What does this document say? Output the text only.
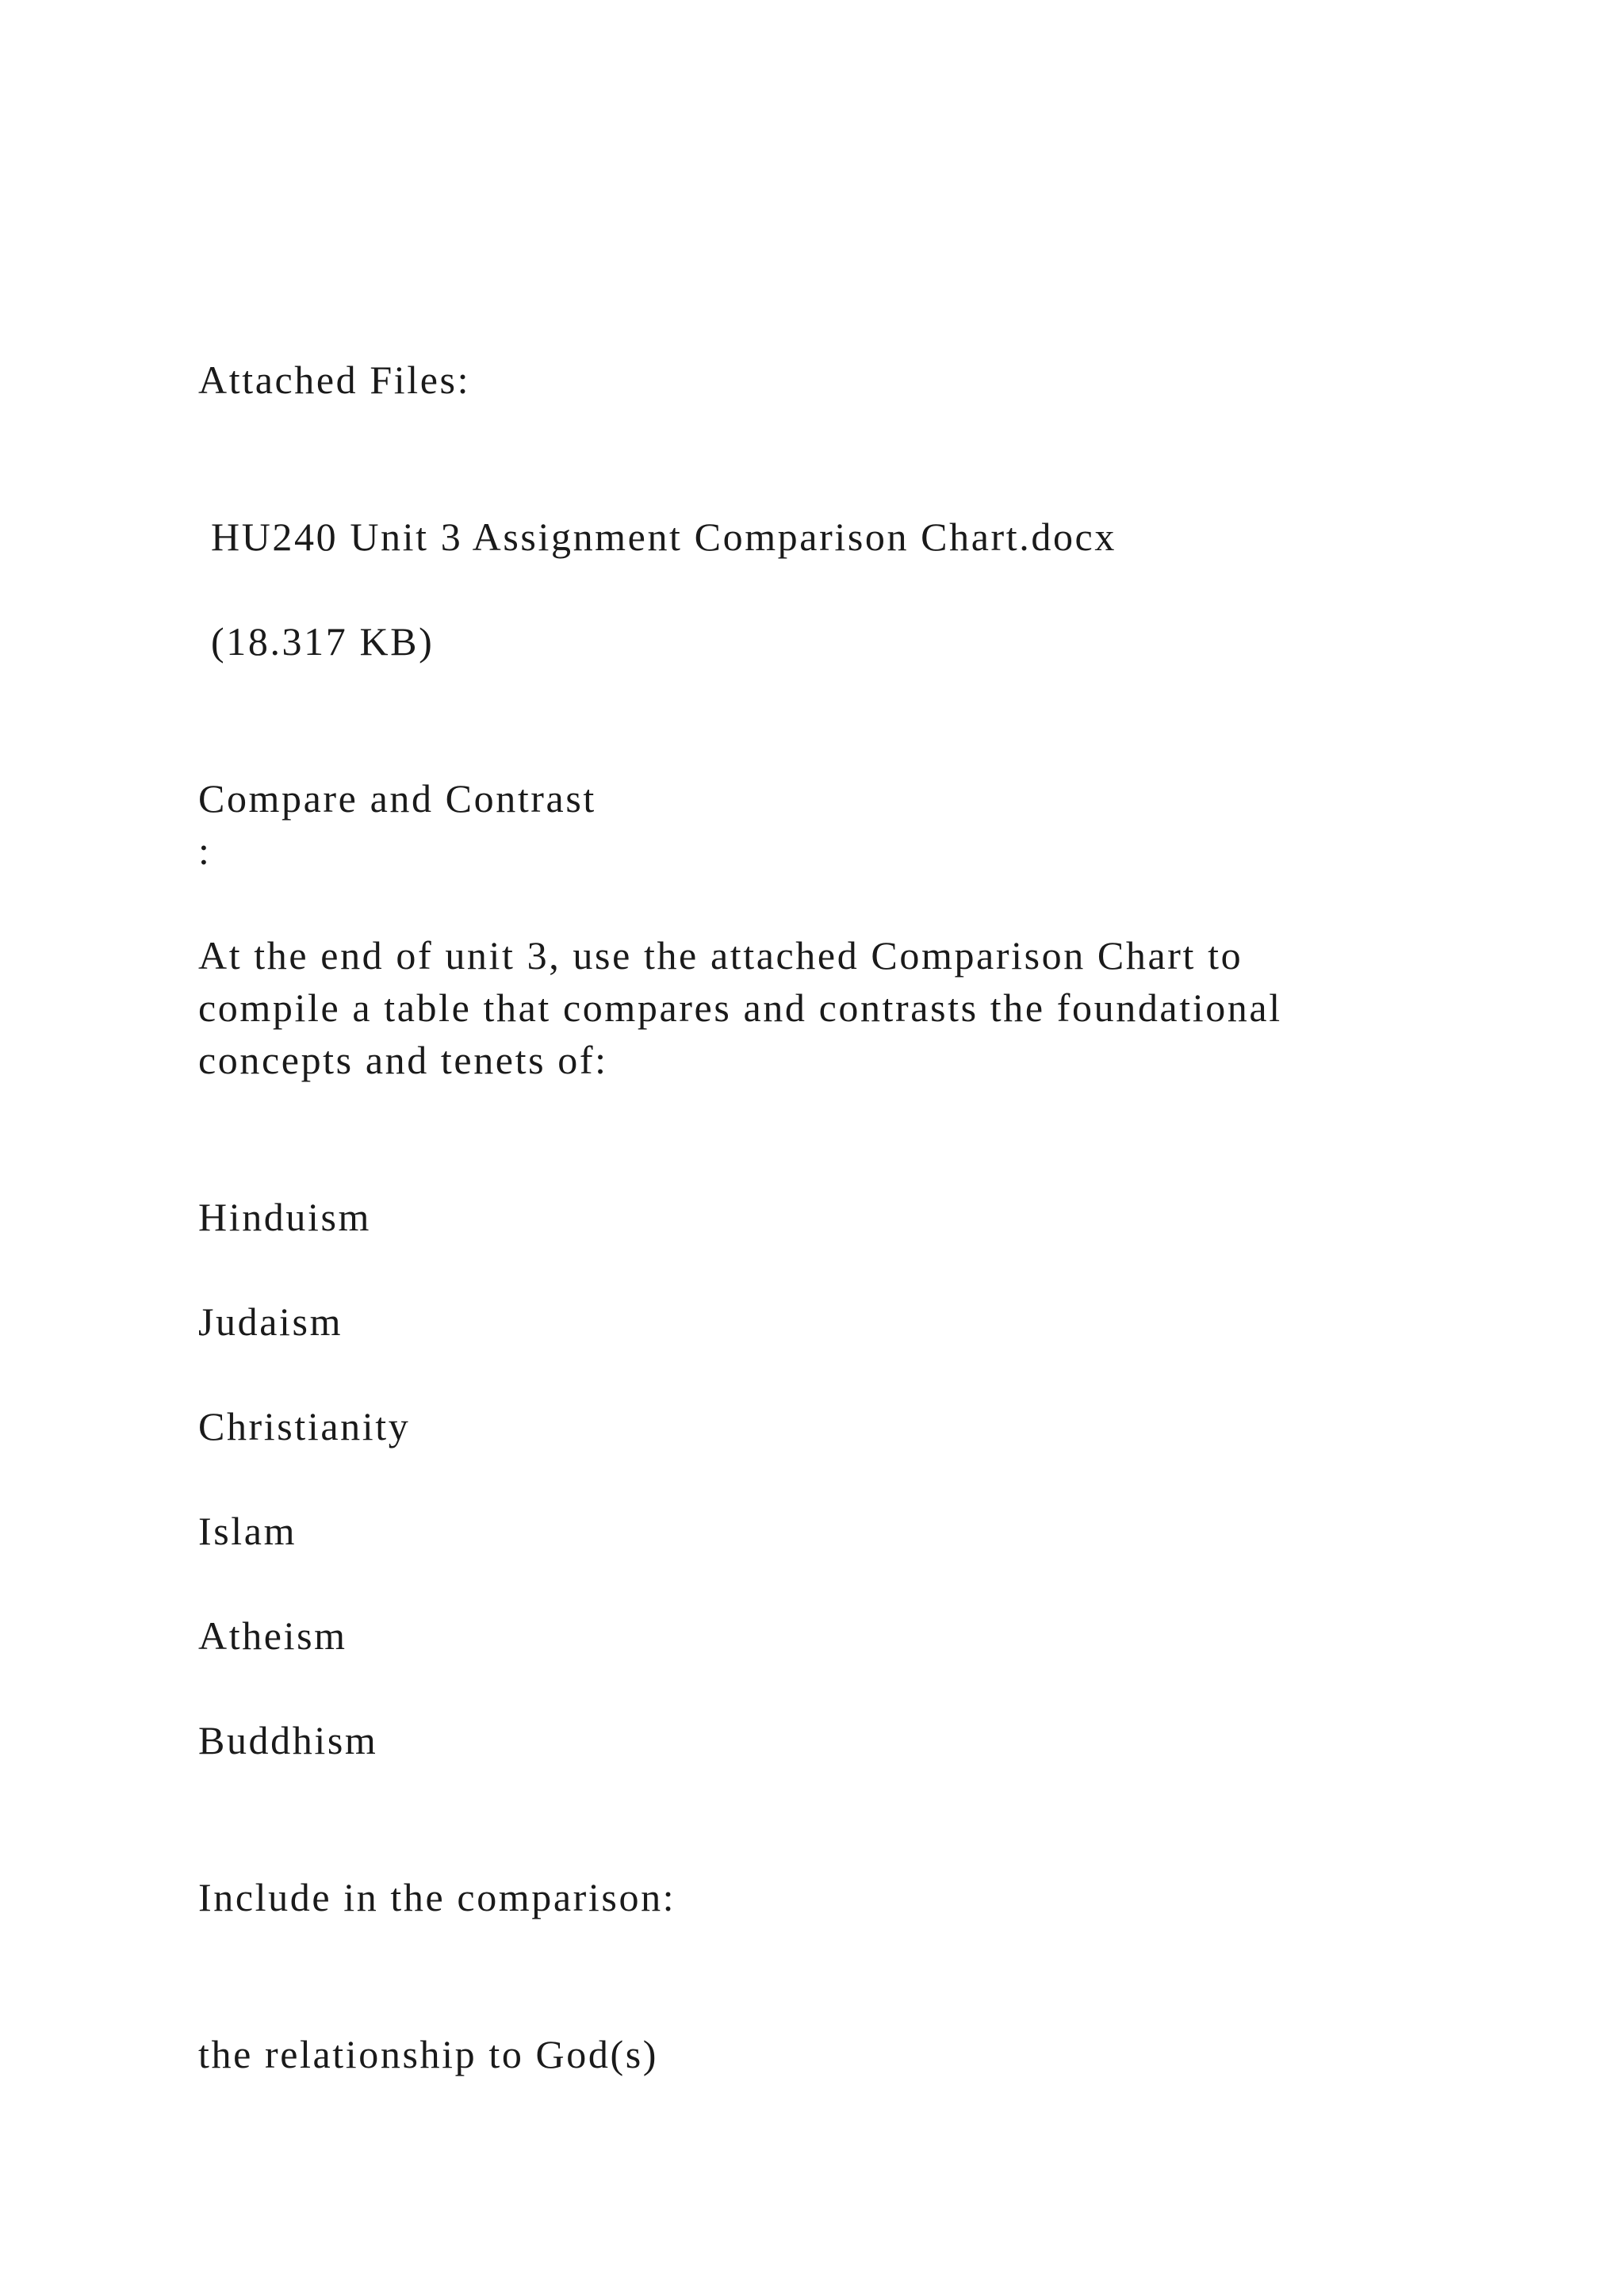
Attached Files:
HU240 Unit 3 Assignment Comparison Chart.docx
(18.317 KB)
Compare and Contrast
:
At the end of unit 3, use the attached Comparison Chart to
compile a table that compares and contrasts the foundational
concepts and tenets of:
Hinduism
Judaism
Christianity
Islam
Atheism
Buddhism
Include in the comparison:
the relationship to God(s)
